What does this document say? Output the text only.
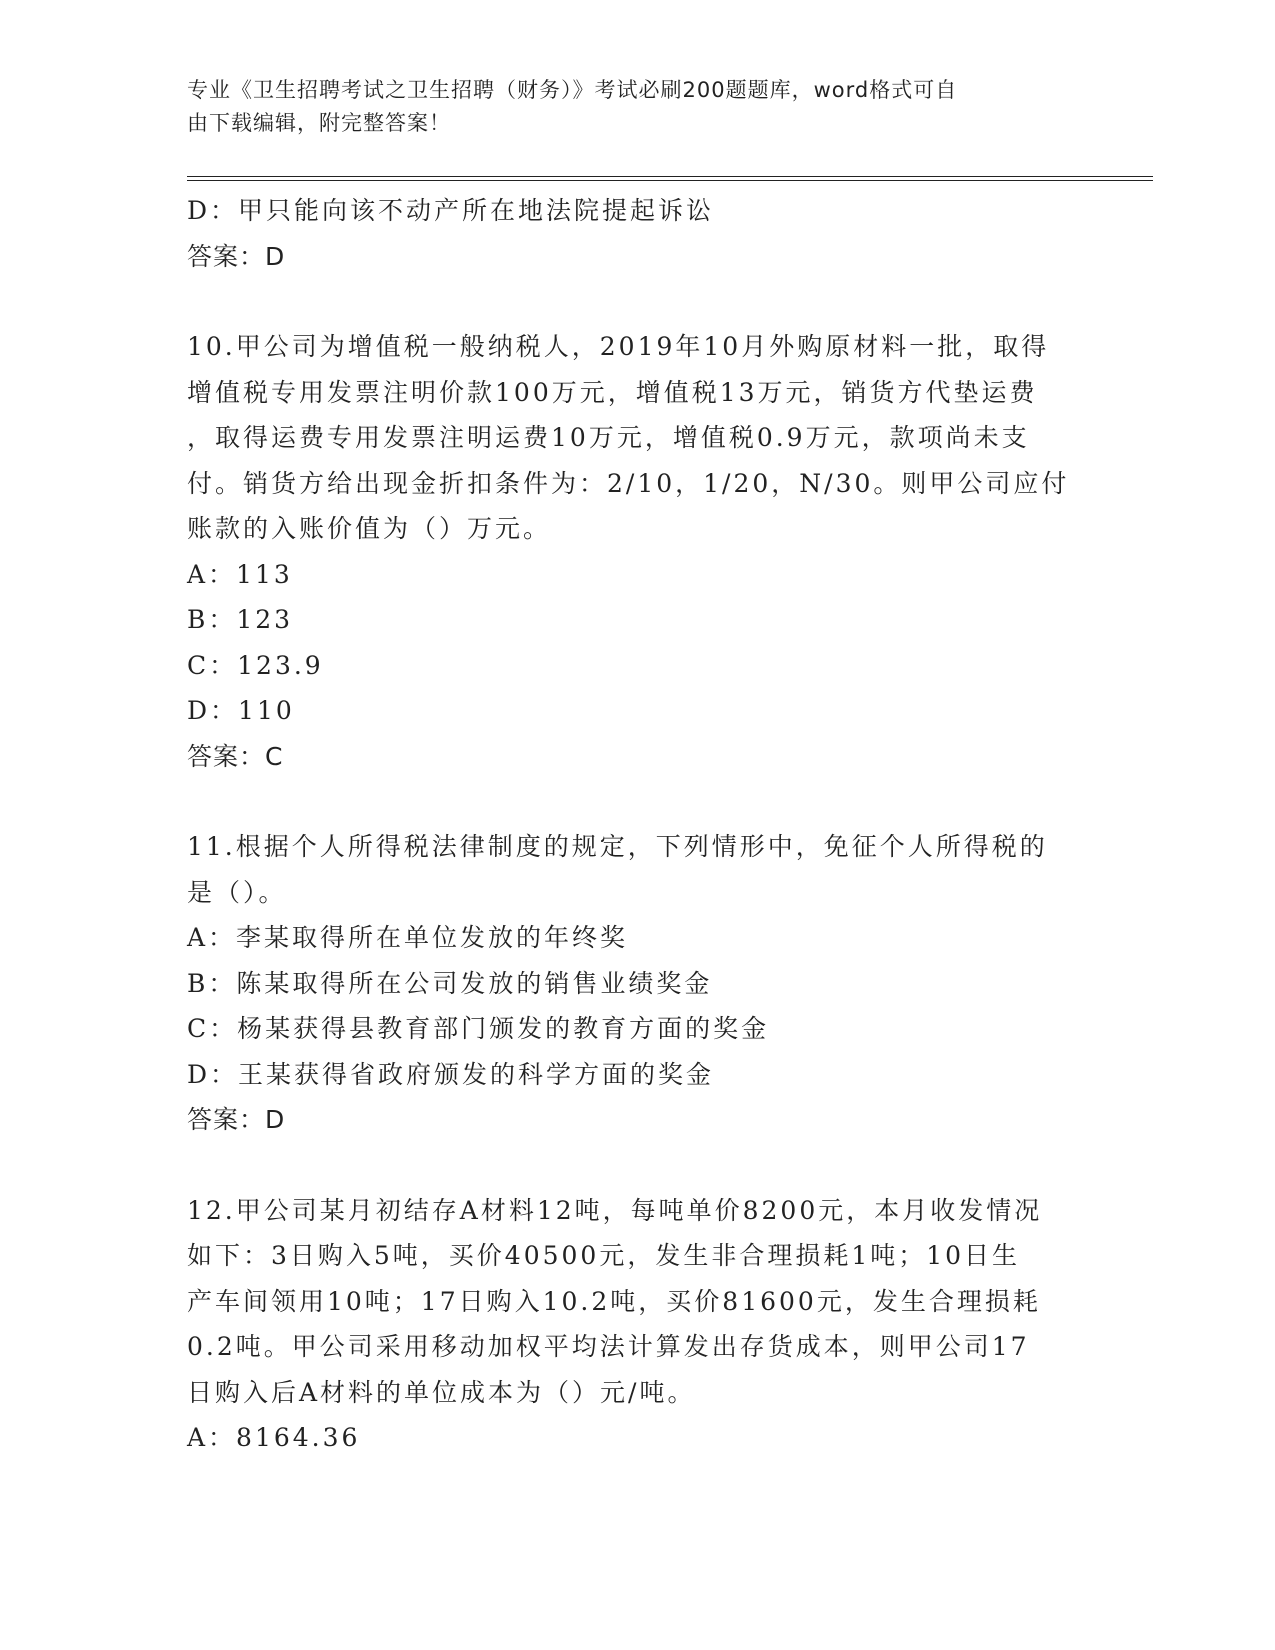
专业《卫生招聘考试之卫生招聘（财务）》考试必刷200题题库，word格式可自
由下载编辑，附完整答案！

D：甲只能向该不动产所在地法院提起诉讼

答案：D

10.甲公司为增值税一般纳税人，2019年10月外购原材料一批，取得

增值税专用发票注明价款100万元，增值税13万元，销货方代垫运费

，取得运费专用发票注明运费10万元，增值税0.9万元，款项尚未支

付。销货方给出现金折扣条件为：2/10，1/20，N/30。则甲公司应付

账款的入账价值为（）万元。

A：113

B：123

C：123.9

D：110

答案：C

11.根据个人所得税法律制度的规定，下列情形中，免征个人所得税的

是（）。

A：李某取得所在单位发放的年终奖

B：陈某取得所在公司发放的销售业绩奖金

C：杨某获得县教育部门颁发的教育方面的奖金

D：王某获得省政府颁发的科学方面的奖金

答案：D

12.甲公司某月初结存A材料12吨，每吨单价8200元，本月收发情况

如下：3日购入5吨，买价40500元，发生非合理损耗1吨；10日生

产车间领用10吨；17日购入10.2吨，买价81600元，发生合理损耗

0.2吨。甲公司采用移动加权平均法计算发出存货成本，则甲公司17

日购入后A材料的单位成本为（）元/吨。

A：8164.36
